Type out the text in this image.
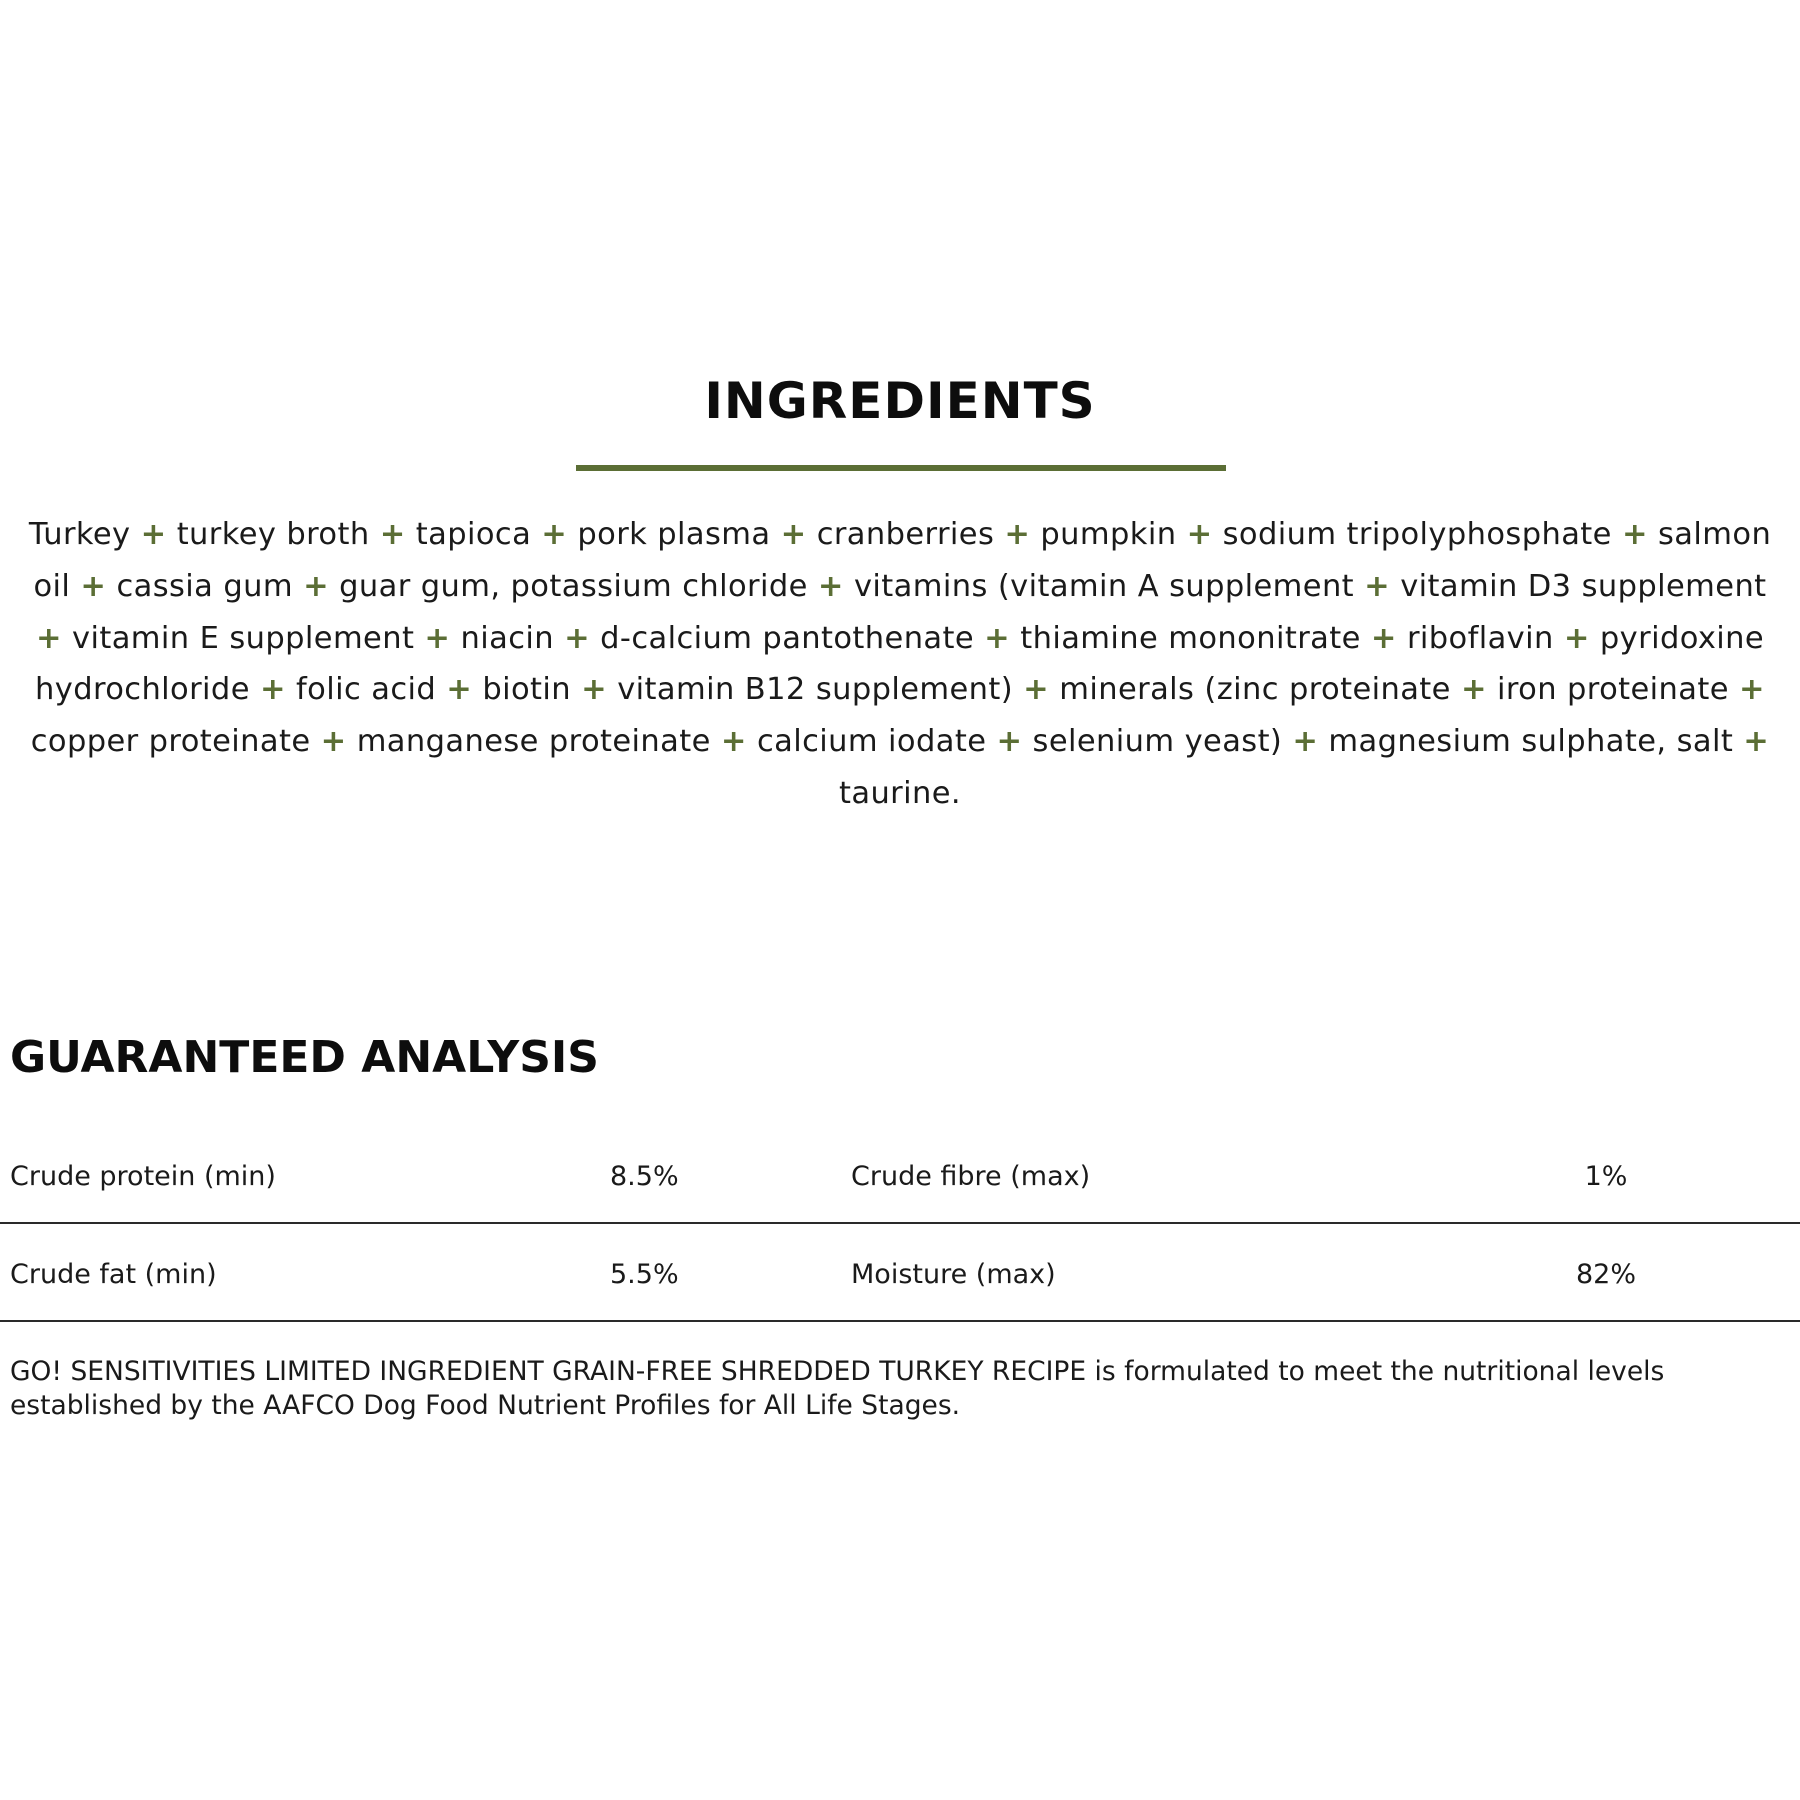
INGREDIENTS

Turkey + turkey broth + tapioca + pork plasma + cranberries + pumpkin + sodium tripolyphosphate + salmon oil + cassia gum + guar gum, potassium chloride + vitamins (vitamin A supplement + vitamin D3 supplement + vitamin E supplement + niacin + d-calcium pantothenate + thiamine mononitrate + riboflavin + pyridoxine hydrochloride + folic acid + biotin + vitamin B12 supplement) + minerals (zinc proteinate + iron proteinate + copper proteinate + manganese proteinate + calcium iodate + selenium yeast) + magnesium sulphate, salt + taurine.

GUARANTEED ANALYSIS
Crude protein (min)	8.5%	Crude fibre (max)	1%
Crude fat (min)	5.5%	Moisture (max)	82%

GO! SENSITIVITIES LIMITED INGREDIENT GRAIN-FREE SHREDDED TURKEY RECIPE is formulated to meet the nutritional levels established by the AAFCO Dog Food Nutrient Profiles for All Life Stages.
